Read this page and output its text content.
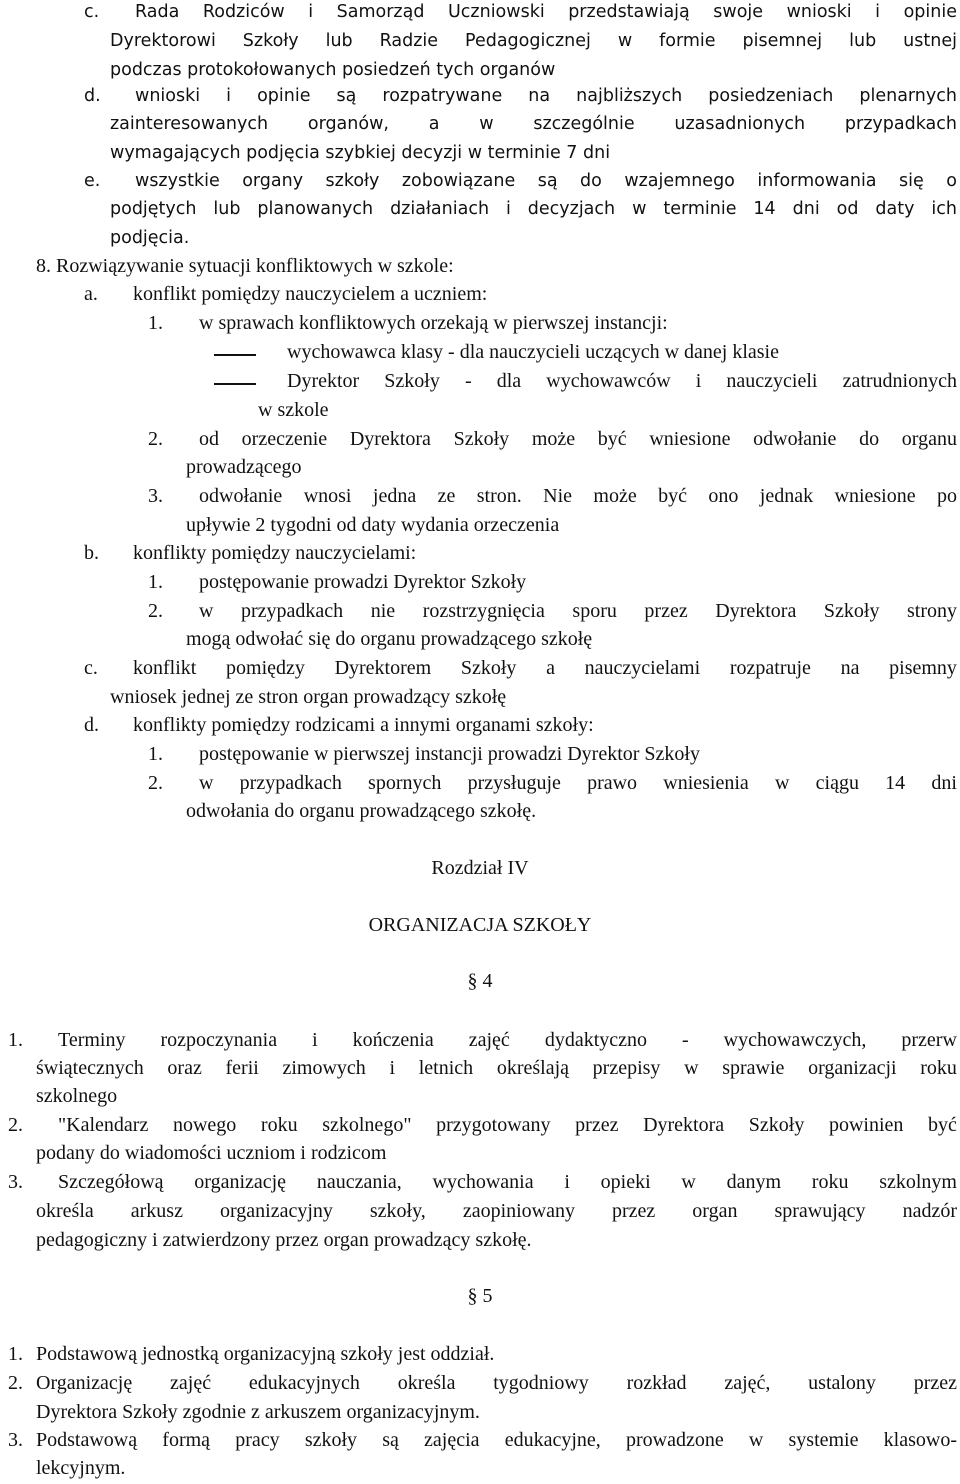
c. Rada Rodziców i Samorząd Uczniowski przedstawiają swoje wnioski i opinie
Dyrektorowi Szkoły lub Radzie Pedagogicznej w formie pisemnej lub ustnej
podczas protokołowanych posiedzeń tych organów
d. wnioski i opinie są rozpatrywane na najbliższych posiedzeniach plenarnych
zainteresowanych organów, a w szczególnie uzasadnionych przypadkach
wymagających podjęcia szybkiej decyzji w terminie 7 dni
e. wszystkie organy szkoły zobowiązane są do wzajemnego informowania się o
podjętych lub planowanych działaniach i decyzjach w terminie 14 dni od daty ich
podjęcia.
8. Rozwiązywanie sytuacji konfliktowych w szkole:
a. konflikt pomiędzy nauczycielem a uczniem:
1. w sprawach konfliktowych orzekają w pierwszej instancji:
wychowawca klasy - dla nauczycieli uczących w danej klasie
Dyrektor Szkoły - dla wychowawców i nauczycieli zatrudnionych
w szkole
2. od orzeczenie Dyrektora Szkoły może być wniesione odwołanie do organu
prowadzącego
3. odwołanie wnosi jedna ze stron. Nie może być ono jednak wniesione po
upływie 2 tygodni od daty wydania orzeczenia
b. konflikty pomiędzy nauczycielami:
1. postępowanie prowadzi Dyrektor Szkoły
2. w przypadkach nie rozstrzygnięcia sporu przez Dyrektora Szkoły strony
mogą odwołać się do organu prowadzącego szkołę
c. konflikt pomiędzy Dyrektorem Szkoły a nauczycielami rozpatruje na pisemny
wniosek jednej ze stron organ prowadzący szkołę
d. konflikty pomiędzy rodzicami a innymi organami szkoły:
1. postępowanie w pierwszej instancji prowadzi Dyrektor Szkoły
2. w przypadkach spornych przysługuje prawo wniesienia w ciągu 14 dni
odwołania do organu prowadzącego szkołę.
Rozdział IV
ORGANIZACJA SZKOŁY
§ 4
1. Terminy rozpoczynania i kończenia zajęć dydaktyczno - wychowawczych, przerw
świątecznych oraz ferii zimowych i letnich określają przepisy w sprawie organizacji roku
szkolnego
2. "Kalendarz nowego roku szkolnego" przygotowany przez Dyrektora Szkoły powinien być
podany do wiadomości uczniom i rodzicom
3. Szczegółową organizację nauczania, wychowania i opieki w danym roku szkolnym
określa arkusz organizacyjny szkoły, zaopiniowany przez organ sprawujący nadzór
pedagogiczny i zatwierdzony przez organ prowadzący szkołę.
§ 5
1. Podstawową jednostką organizacyjną szkoły jest oddział.
2. Organizację zajęć edukacyjnych określa tygodniowy rozkład zajęć, ustalony przez
Dyrektora Szkoły zgodnie z arkuszem organizacyjnym.
3. Podstawową formą pracy szkoły są zajęcia edukacyjne, prowadzone w systemie klasowo-
lekcyjnym.
